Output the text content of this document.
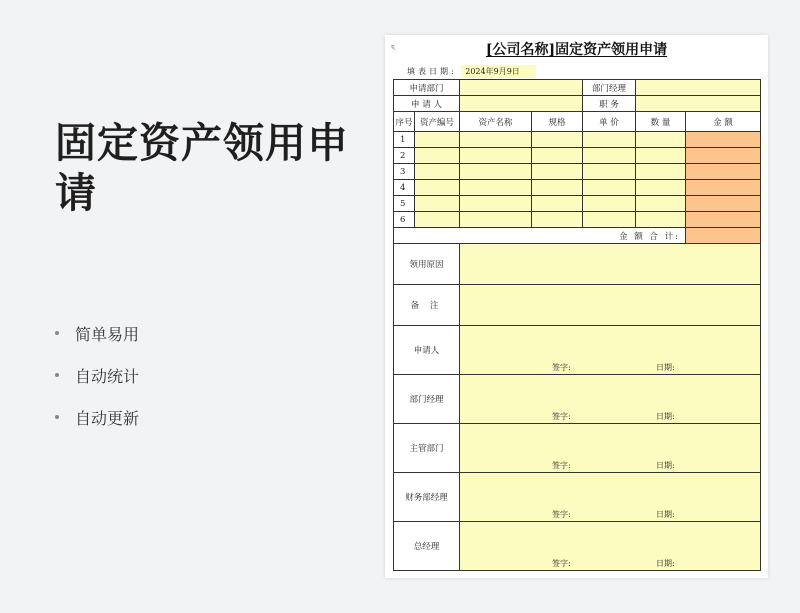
固定资产领用申请
简单易用
自动统计
自动更新
ঽ	[公司名称]固定资产领用申请
填表日期: 2024年9月9日
申请部门				部门经理		
申 请 人				职 务		
序号	资产编号	资产名称	规格	单 价	数 量	金 额
1						
2						
3						
4						
5						
6						
金 额 合 计:						
领用原因						
备 注						
申请人		签字: 日期:				

部门经理		签字: 日期:				

主管部门		签字: 日期:				

财务部经理		签字: 日期:				

总经理		签字: 日期:				
